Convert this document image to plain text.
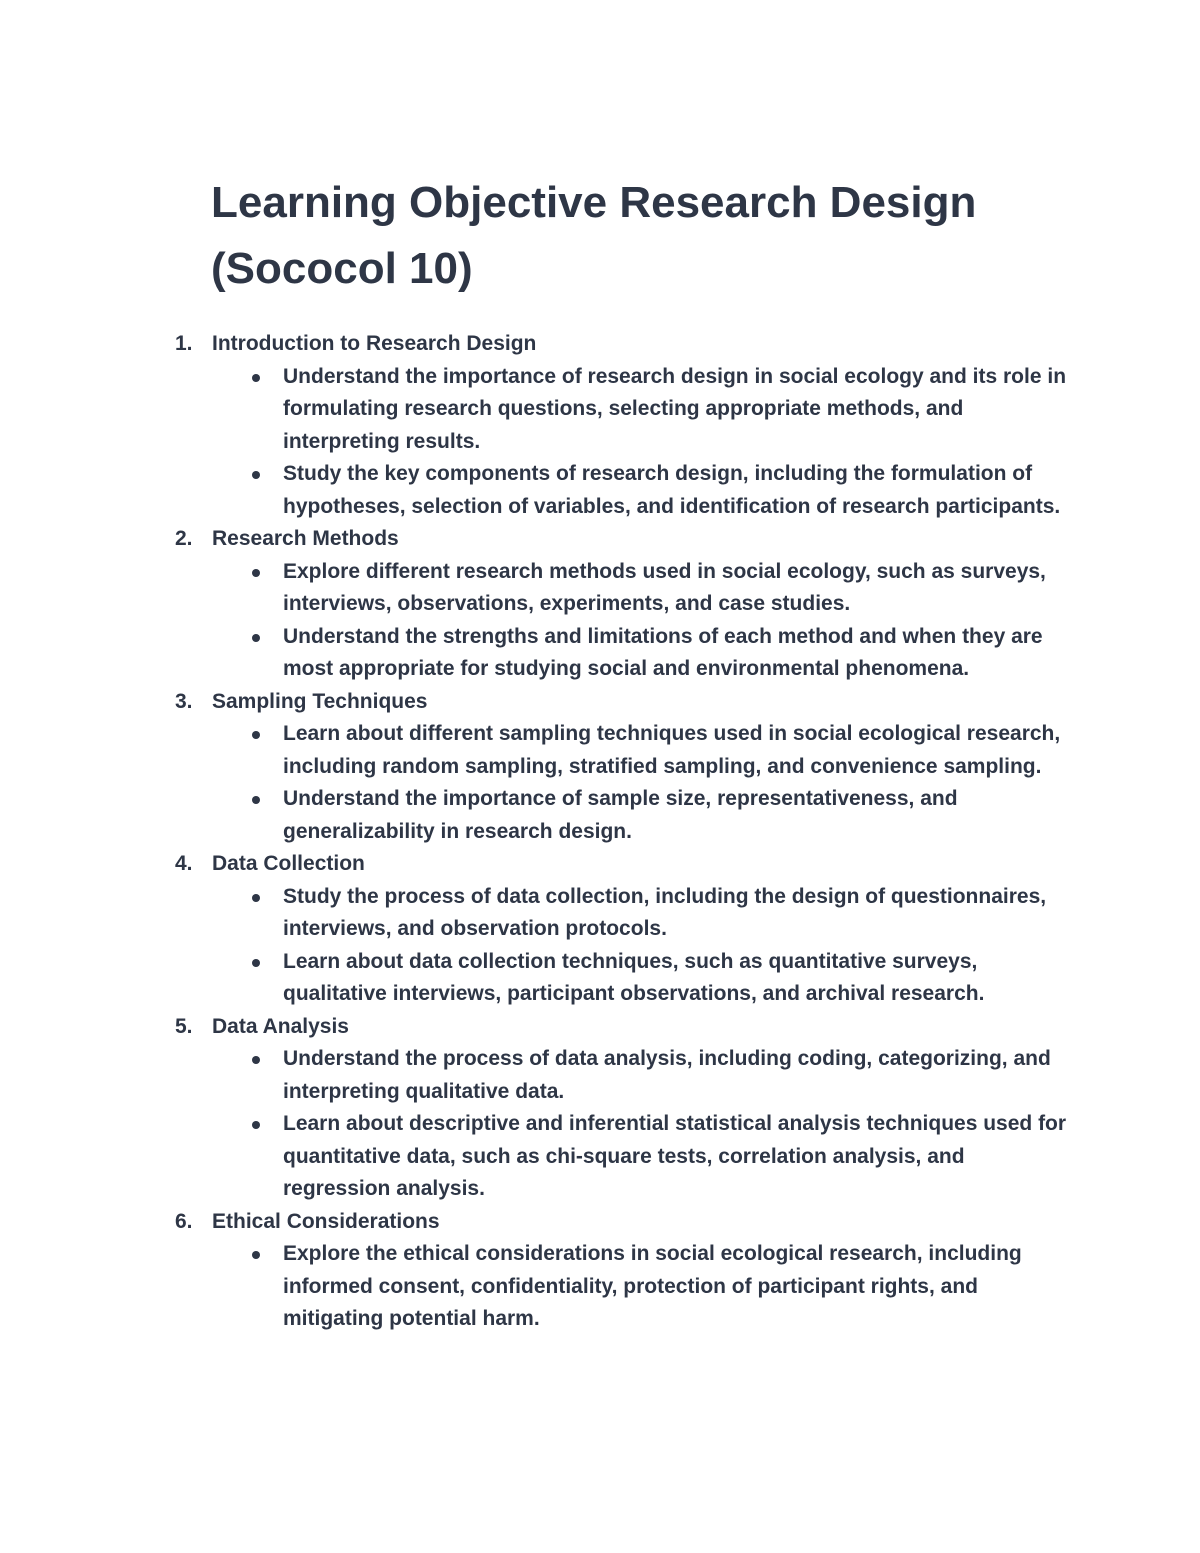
Learning Objective Research Design
(Sococol 10)
1. Introduction to Research Design
Understand the importance of research design in social ecology and its role in formulating research questions, selecting appropriate methods, and interpreting results.
Study the key components of research design, including the formulation of hypotheses, selection of variables, and identification of research participants.
2. Research Methods
Explore different research methods used in social ecology, such as surveys, interviews, observations, experiments, and case studies.
Understand the strengths and limitations of each method and when they are most appropriate for studying social and environmental phenomena.
3. Sampling Techniques
Learn about different sampling techniques used in social ecological research, including random sampling, stratified sampling, and convenience sampling.
Understand the importance of sample size, representativeness, and generalizability in research design.
4. Data Collection
Study the process of data collection, including the design of questionnaires, interviews, and observation protocols.
Learn about data collection techniques, such as quantitative surveys, qualitative interviews, participant observations, and archival research.
5. Data Analysis
Understand the process of data analysis, including coding, categorizing, and interpreting qualitative data.
Learn about descriptive and inferential statistical analysis techniques used for quantitative data, such as chi-square tests, correlation analysis, and regression analysis.
6. Ethical Considerations
Explore the ethical considerations in social ecological research, including informed consent, confidentiality, protection of participant rights, and mitigating potential harm.
